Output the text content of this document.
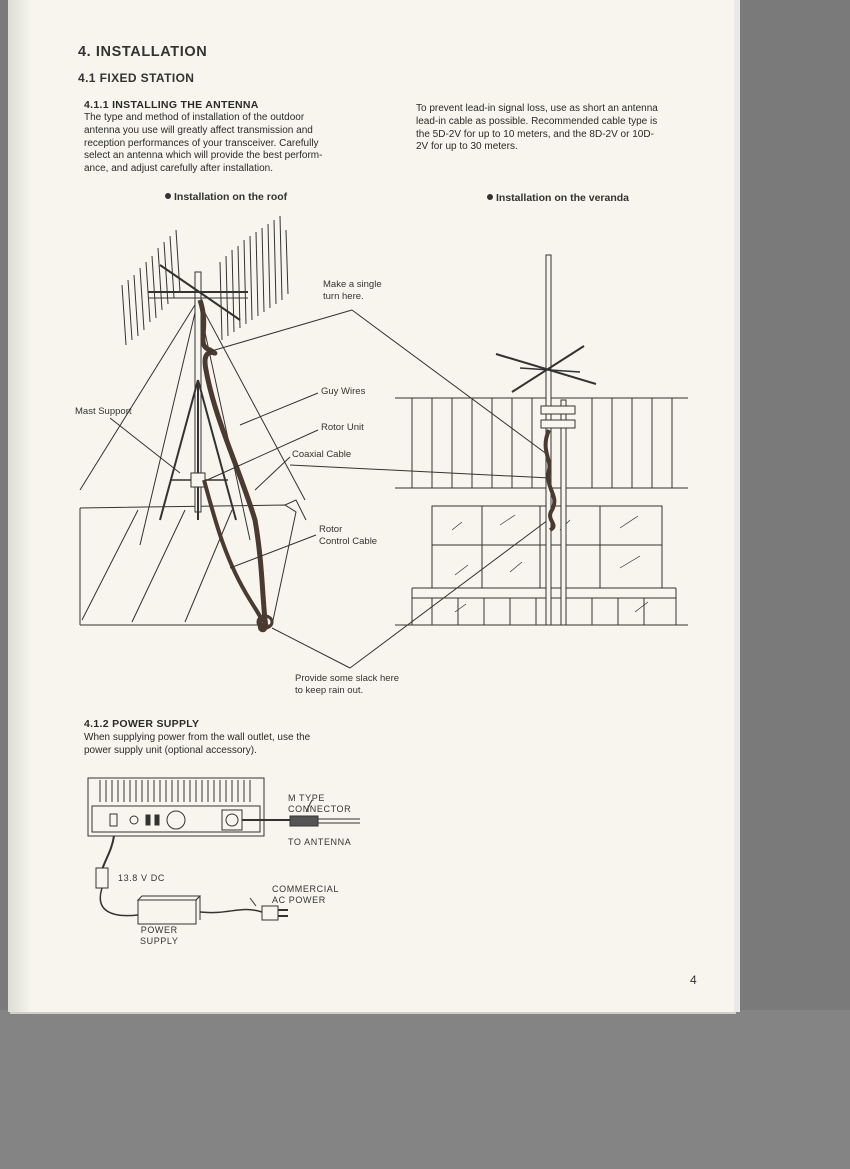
4. INSTALLATION
4.1 FIXED STATION
4.1.1 INSTALLING THE ANTENNA
The type and method of installation of the outdoor
antenna you use will greatly affect transmission and
reception performances of your transceiver. Carefully
select an antenna which will provide the best perform-
ance, and adjust carefully after installation.
To prevent lead-in signal loss, use as short an antenna
lead-in cable as possible. Recommended cable type is
the 5D-2V for up to 10 meters, and the 8D-2V or 10D-
2V for up to 30 meters.
Installation on the roof	Installation on the veranda
Make a single
turn here.
Guy Wires
Mast Support
Rotor Unit
Coaxial Cable
Rotor
Control Cable
Provide some slack here
to keep rain out.
4.1.2 POWER SUPPLY
When supplying power from the wall outlet, use the
power supply unit (optional accessory).
M TYPE
CONNECTOR
TO ANTENNA
13.8 V DC
COMMERCIAL
AC POWER
POWER
SUPPLY
4
